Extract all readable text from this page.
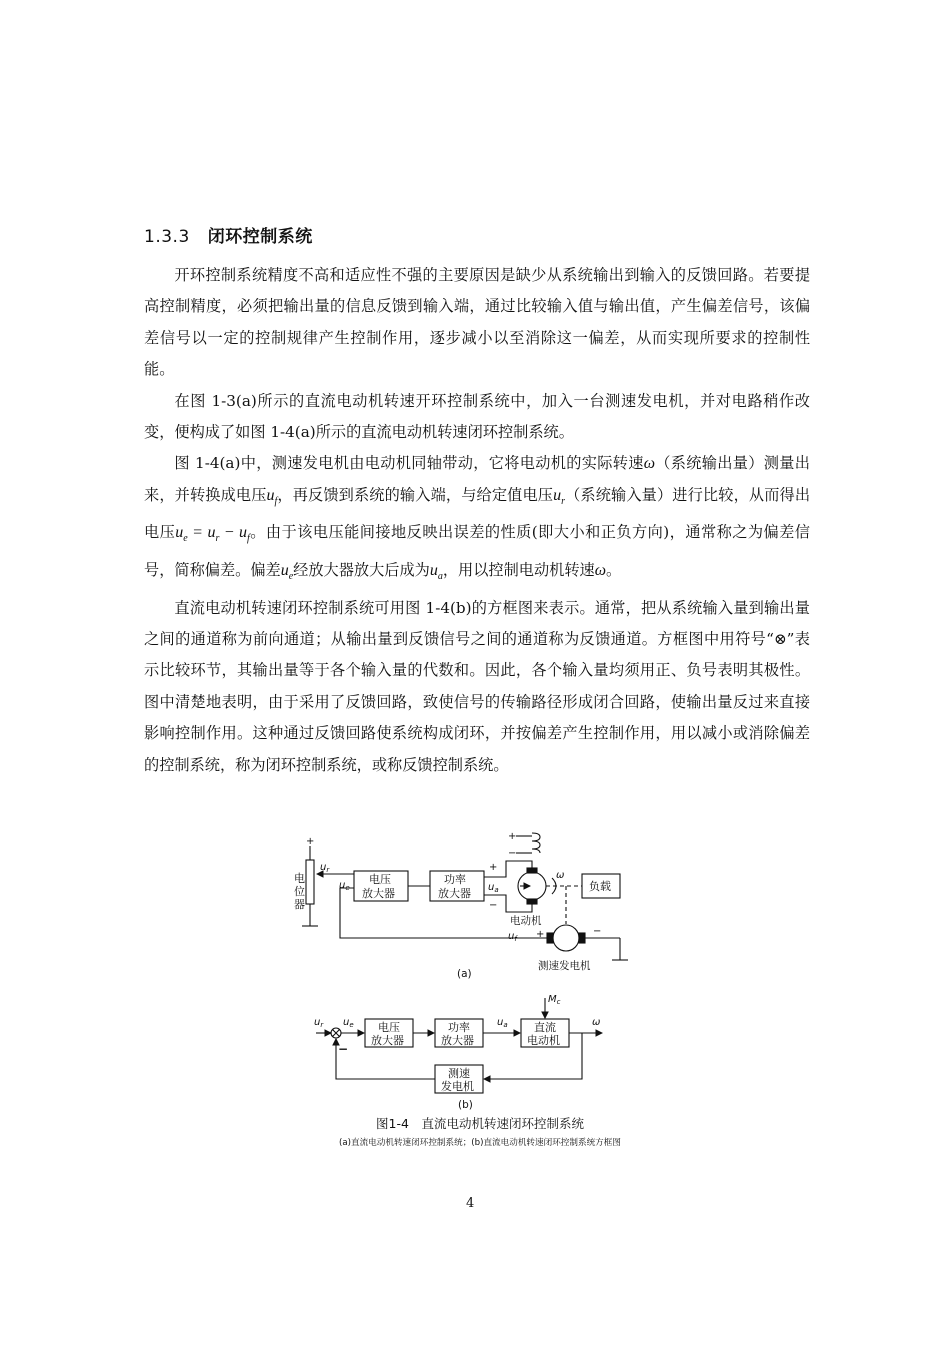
1.3.3 闭环控制系统

开环控制系统精度不高和适应性不强的主要原因是缺少从系统输出到输入的反馈回路。若要提高控制精度，必须把输出量的信息反馈到输入端，通过比较输入值与输出值，产生偏差信号，该偏差信号以一定的控制规律产生控制作用，逐步减小以至消除这一偏差，从而实现所要求的控制性能。

在图 1-3(a)所示的直流电动机转速开环控制系统中，加入一台测速发电机，并对电路稍作改变，便构成了如图 1-4(a)所示的直流电动机转速闭环控制系统。

图 1-4(a)中，测速发电机由电动机同轴带动，它将电动机的实际转速ω（系统输出量）测量出来，并转换成电压$u_f$，再反馈到系统的输入端，与给定值电压$u_r$（系统输入量）进行比较，从而得出电压$u_e = u_r - u_f$。由于该电压能间接地反映出误差的性质(即大小和正负方向)，通常称之为偏差信号，简称偏差。偏差$u_e$经放大器放大后成为$u_a$，用以控制电动机转速ω。

直流电动机转速闭环控制系统可用图 1-4(b)的方框图来表示。通常，把从系统输入量到输出量之间的通道称为前向通道；从输出量到反馈信号之间的通道称为反馈通道。方框图中用符号“⊗”表示比较环节，其输出量等于各个输入量的代数和。因此，各个输入量均须用正、负号表明其极性。图中清楚地表明，由于采用了反馈回路，致使信号的传输路径形成闭合回路，使输出量反过来直接影响控制作用。这种通过反馈回路使系统构成闭环，并按偏差产生控制作用，用以减小或消除偏差的控制系统，称为闭环控制系统，或称反馈控制系统。

电
位
器
+
$u_r$
$u_e$
电压
放大器
功率
放大器 $u_a$
+
−
+
−
ω
负载
电动机
$u_f$ +	−
测速发电机
(a)
$M_c$
$u_r$ $u_e$ 电压
放大器
功率
放大器
$u_a$ 直流
电动机
ω
测速
发电机
−
(b)
图1-4　直流电动机转速闭环控制系统
(a)直流电动机转速闭环控制系统；(b)直流电动机转速闭环控制系统方框图
4
